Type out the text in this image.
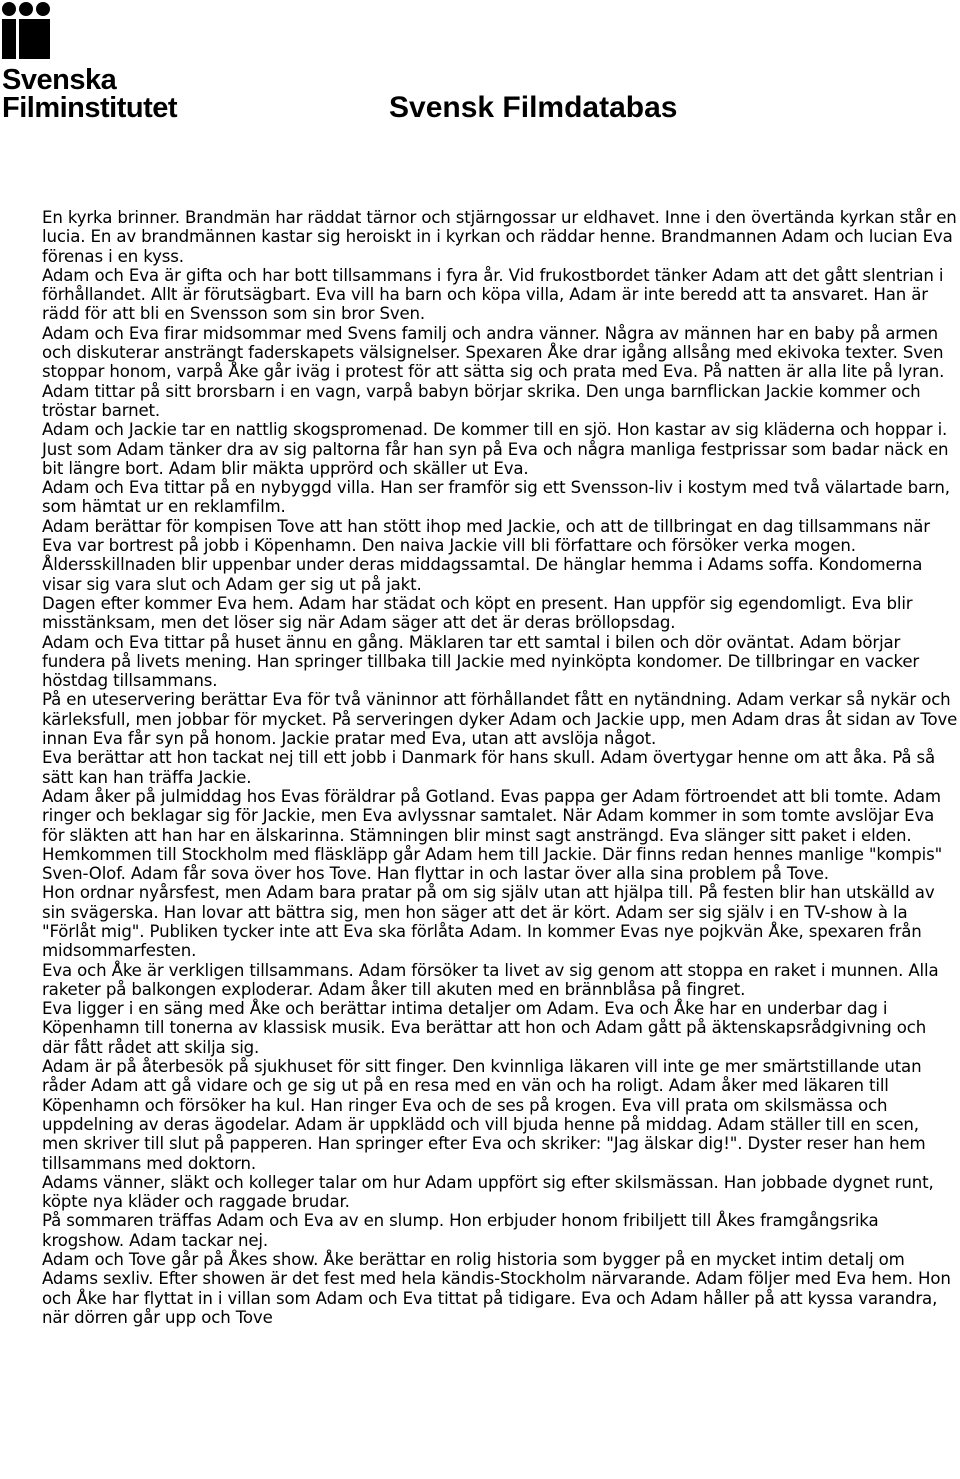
Svenska
Filminstitutet	Svensk Filmdatabas

En kyrka brinner. Brandmän har räddat tärnor och stjärngossar ur eldhavet. Inne i den övertända kyrkan står en lucia. En av brandmännen kastar sig heroiskt in i kyrkan och räddar henne. Brandmannen Adam och lucian Eva förenas i en kyss.

Adam och Eva är gifta och har bott tillsammans i fyra år. Vid frukostbordet tänker Adam att det gått slentrian i förhållandet. Allt är förutsägbart. Eva vill ha barn och köpa villa, Adam är inte beredd att ta ansvaret. Han är rädd för att bli en Svensson som sin bror Sven.

Adam och Eva firar midsommar med Svens familj och andra vänner. Några av männen har en baby på armen och diskuterar ansträngt faderskapets välsignelser. Spexaren Åke drar igång allsång med ekivoka texter. Sven stoppar honom, varpå Åke går iväg i protest för att sätta sig och prata med Eva. På natten är alla lite på lyran. Adam tittar på sitt brorsbarn i en vagn, varpå babyn börjar skrika. Den unga barnflickan Jackie kommer och tröstar barnet.

Adam och Jackie tar en nattlig skogspromenad. De kommer till en sjö. Hon kastar av sig kläderna och hoppar i. Just som Adam tänker dra av sig paltorna får han syn på Eva och några manliga festprissar som badar näck en bit längre bort. Adam blir mäkta upprörd och skäller ut Eva.

Adam och Eva tittar på en nybyggd villa. Han ser framför sig ett Svensson-liv i kostym med två välartade barn, som hämtat ur en reklamfilm.

Adam berättar för kompisen Tove att han stött ihop med Jackie, och att de tillbringat en dag tillsammans när Eva var bortrest på jobb i Köpenhamn. Den naiva Jackie vill bli författare och försöker verka mogen. Åldersskillnaden blir uppenbar under deras middagssamtal. De hänglar hemma i Adams soffa. Kondomerna visar sig vara slut och Adam ger sig ut på jakt.

Dagen efter kommer Eva hem. Adam har städat och köpt en present. Han uppför sig egendomligt. Eva blir misstänksam, men det löser sig när Adam säger att det är deras bröllopsdag.

Adam och Eva tittar på huset ännu en gång. Mäklaren tar ett samtal i bilen och dör oväntat. Adam börjar fundera på livets mening. Han springer tillbaka till Jackie med nyinköpta kondomer. De tillbringar en vacker höstdag tillsammans.

På en uteservering berättar Eva för två väninnor att förhållandet fått en nytändning. Adam verkar så nykär och kärleksfull, men jobbar för mycket. På serveringen dyker Adam och Jackie upp, men Adam dras åt sidan av Tove innan Eva får syn på honom. Jackie pratar med Eva, utan att avslöja något.

Eva berättar att hon tackat nej till ett jobb i Danmark för hans skull. Adam övertygar henne om att åka. På så sätt kan han träffa Jackie.

Adam åker på julmiddag hos Evas föräldrar på Gotland. Evas pappa ger Adam förtroendet att bli tomte. Adam ringer och beklagar sig för Jackie, men Eva avlyssnar samtalet. När Adam kommer in som tomte avslöjar Eva för släkten att han har en älskarinna. Stämningen blir minst sagt ansträngd. Eva slänger sitt paket i elden.

Hemkommen till Stockholm med fläskläpp går Adam hem till Jackie. Där finns redan hennes manlige "kompis" Sven-Olof. Adam får sova över hos Tove. Han flyttar in och lastar över alla sina problem på Tove.

Hon ordnar nyårsfest, men Adam bara pratar på om sig själv utan att hjälpa till. På festen blir han utskälld av sin svägerska. Han lovar att bättra sig, men hon säger att det är kört. Adam ser sig själv i en TV-show à la "Förlåt mig". Publiken tycker inte att Eva ska förlåta Adam. In kommer Evas nye pojkvän Åke, spexaren från midsommarfesten.

Eva och Åke är verkligen tillsammans. Adam försöker ta livet av sig genom att stoppa en raket i munnen. Alla raketer på balkongen exploderar. Adam åker till akuten med en brännblåsa på fingret.

Eva ligger i en säng med Åke och berättar intima detaljer om Adam. Eva och Åke har en underbar dag i Köpenhamn till tonerna av klassisk musik. Eva berättar att hon och Adam gått på äktenskapsrådgivning och där fått rådet att skilja sig.

Adam är på återbesök på sjukhuset för sitt finger. Den kvinnliga läkaren vill inte ge mer smärtstillande utan råder Adam att gå vidare och ge sig ut på en resa med en vän och ha roligt. Adam åker med läkaren till Köpenhamn och försöker ha kul. Han ringer Eva och de ses på krogen. Eva vill prata om skilsmässa och uppdelning av deras ägodelar. Adam är uppklädd och vill bjuda henne på middag. Adam ställer till en scen, men skriver till slut på papperen. Han springer efter Eva och skriker: "Jag älskar dig!". Dyster reser han hem tillsammans med doktorn.

Adams vänner, släkt och kolleger talar om hur Adam uppfört sig efter skilsmässan. Han jobbade dygnet runt, köpte nya kläder och raggade brudar.

På sommaren träffas Adam och Eva av en slump. Hon erbjuder honom fribiljett till Åkes framgångsrika krogshow. Adam tackar nej.

Adam och Tove går på Åkes show. Åke berättar en rolig historia som bygger på en mycket intim detalj om Adams sexliv. Efter showen är det fest med hela kändis-Stockholm närvarande. Adam följer med Eva hem. Hon och Åke har flyttat in i villan som Adam och Eva tittat på tidigare. Eva och Adam håller på att kyssa varandra, när dörren går upp och Tove
